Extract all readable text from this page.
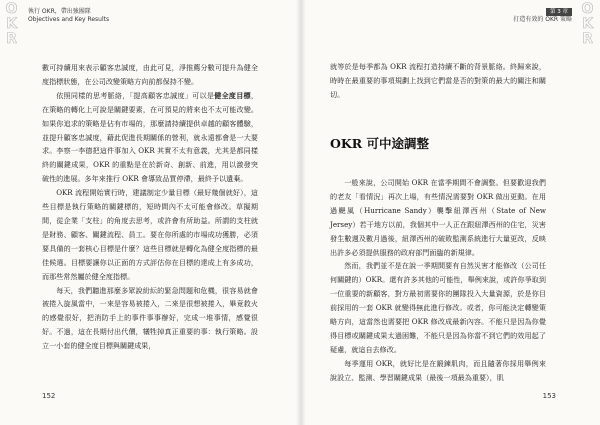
OKR
執行 OKR，帶出強團隊
Objectives and Key Results

數可持續用來表示顧客忠誠度，由此可見，淨推薦分數可提升為健全度指標狀態，在公司改變策略方向前都保持不變。

依照同樣的思考脈絡，「提高顧客忠誠度」可以是健全度目標，在策略的轉化上可說是關鍵要素，在可預見的將來也不太可能改變。如果你追求的策略是佔有市場的，那麼請持續提供卓越的顧客體驗，並提升顧客忠誠度，藉此促進長期關係的營利，就永遠都會是一大要求。李察一李德把這件事加入 OKR 其實不太有意義，尤其是都同樣終的關鍵成果，OKR 的重點是在於新奇、創新、前進，用以激發突破性的進展。多年來推行 OKR 會導致品質停滯，最終予以遺棄。

OKR 流程開始實行時，建議制定少量目標（最好幾個就好），這些目標是執行策略的關鍵標的，短時間內不太可能會修改。草擬期間，從企業「支柱」的角度去思考，或許會有所助益。所謂的支柱就是財務、顧客、關鍵流程、員工。要在你所處的市場成功獲勝，必須要具備的一套核心目標是什麼？這些目標就是轉化為健全度指標的最佳候選。目標要讓你以正面的方式評估你在目標的達成上有多成功，而那些常然屬於健全度指標。

每天，我們聽進那麼多眾說紛紜的緊急問題和危機，很容易就會被捲入旋風當中，一來是容易被捲入，二來是很想被捲入，畢竟救火的感覺很好，把消防手上的事件事事辦好，完成一堆事情，感覺很好。不過，這在長期付出代價，犧牲掉真正重要的事：執行策略。設立一小套的健全度目標與關鍵成果，

152
OKR
第 3 章
打造有效的 OKR 策略

就等於是每季都為 OKR 流程打造持續不斷的背景脈絡。終歸來說，時時在最重要的事項規劃上找到它們當是否的對策的最大的關注和關切。

OKR 可中途調整

一般來說，公司開始 OKR 在當季期間不會調整。但要歡迎我們的老友「看情況」再次上場，有些情況需要對 OKR 做出更動。在用過颶風（Hurricane Sandy）襲擊紐澤西州（State of New Jersey）若干地方以前，我個其中一人正在跟紐澤西州的住宅，災害發生數週及數月過後，紐澤西州的破敗監測系統進行大量更改，反映出許多必須提供服務的政府部門面臨的新規律。

然而，我們並不是在說一季期間要有自然災害才能修改（公司任何關鍵的）OKR。還有許多其他的可能性，舉例來說，或許你爭取到一位重要的新顧客，對方最初需要你的團隊投入大量資源，於是你目前採用的一套 OKR 就變得無此進行修改。或者，你可能決定轉變策略方向，這當然也需要把 OKR 修改成最新內容。不能只是因為你覺得目標或關鍵成果太過困難，不能只是因為你當不到它們的效用起了疑慮，就這自去修改。

每季運用 OKR，就好比是在鍛鍊肌肉，而且隨著你採用舉例來說設立、監測、學習關鍵成果（最後一項最為重要），肌

153
